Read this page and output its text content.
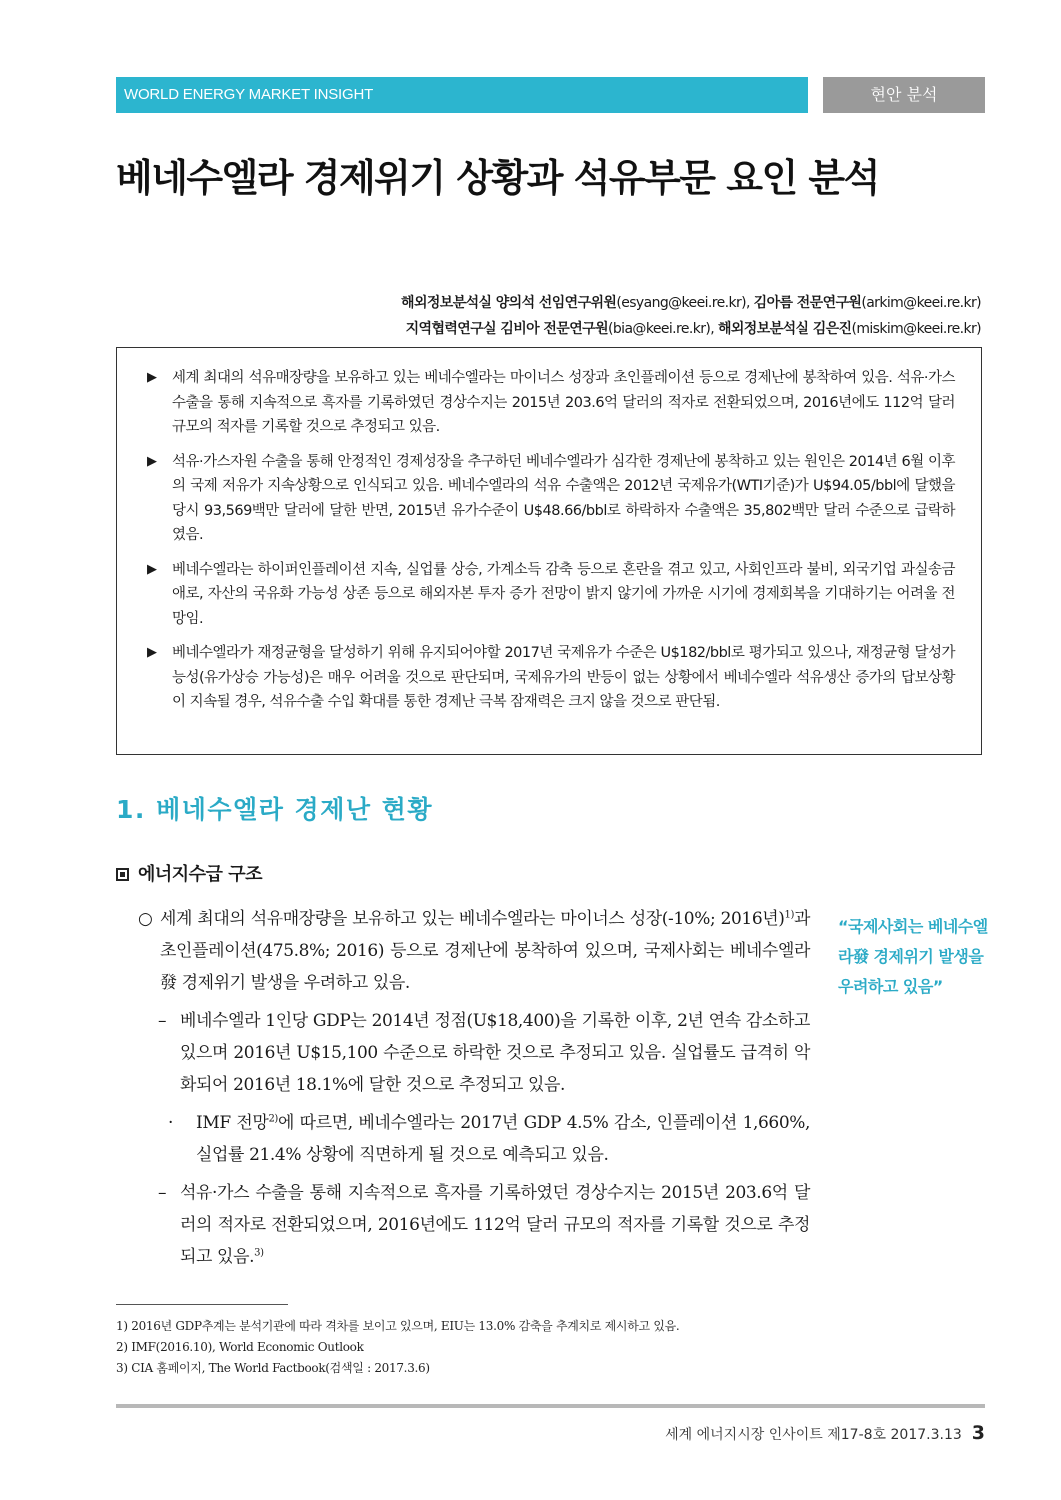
WORLD ENERGY MARKET INSIGHT	현안 분석
베네수엘라 경제위기 상황과 석유부문 요인 분석
해외정보분석실 양의석 선임연구위원(esyang@keei.re.kr), 김아름 전문연구원(arkim@keei.re.kr)
지역협력연구실 김비아 전문연구원(bia@keei.re.kr), 해외정보분석실 김은진(miskim@keei.re.kr)
▶ 세계 최대의 석유매장량을 보유하고 있는 베네수엘라는 마이너스 성장과 초인플레이션 등으로 경제난에 봉착하여 있음. 석유·가스 수출을 통해 지속적으로 흑자를 기록하였던 경상수지는 2015년 203.6억 달러의 적자로 전환되었으며, 2016년에도 112억 달러 규모의 적자를 기록할 것으로 추정되고 있음.
▶ 석유·가스자원 수출을 통해 안정적인 경제성장을 추구하던 베네수엘라가 심각한 경제난에 봉착하고 있는 원인은 2014년 6월 이후의 국제 저유가 지속상황으로 인식되고 있음. 베네수엘라의 석유 수출액은 2012년 국제유가(WTI기준)가 U$94.05/bbl에 달했을 당시 93,569백만 달러에 달한 반면, 2015년 유가수준이 U$48.66/bbl로 하락하자 수출액은 35,802백만 달러 수준으로 급락하였음.
▶ 베네수엘라는 하이퍼인플레이션 지속, 실업률 상승, 가계소득 감축 등으로 혼란을 겪고 있고, 사회인프라 불비, 외국기업 과실송금 애로, 자산의 국유화 가능성 상존 등으로 해외자본 투자 증가 전망이 밝지 않기에 가까운 시기에 경제회복을 기대하기는 어려울 전망임.
▶ 베네수엘라가 재정균형을 달성하기 위해 유지되어야할 2017년 국제유가 수준은 U$182/bbl로 평가되고 있으나, 재정균형 달성가능성(유가상승 가능성)은 매우 어려울 것으로 판단되며, 국제유가의 반등이 없는 상황에서 베네수엘라 석유생산 증가의 답보상황이 지속될 경우, 석유수출 수입 확대를 통한 경제난 극복 잠재력은 크지 않을 것으로 판단됨.
1. 베네수엘라 경제난 현황
에너지수급 구조
○ 세계 최대의 석유매장량을 보유하고 있는 베네수엘라는 마이너스 성장(-10%; 2016년)$^{1)}$과 초인플레이션(475.8%; 2016) 등으로 경제난에 봉착하여 있으며, 국제사회는 베네수엘라發 경제위기 발생을 우려하고 있음.
– 베네수엘라 1인당 GDP는 2014년 정점(U$18,400)을 기록한 이후, 2년 연속 감소하고 있으며 2016년 U$15,100 수준으로 하락한 것으로 추정되고 있음. 실업률도 급격히 악화되어 2016년 18.1%에 달한 것으로 추정되고 있음.
· IMF 전망$^{2)}$에 따르면, 베네수엘라는 2017년 GDP 4.5% 감소, 인플레이션 1,660%, 실업률 21.4% 상황에 직면하게 될 것으로 예측되고 있음.
– 석유·가스 수출을 통해 지속적으로 흑자를 기록하였던 경상수지는 2015년 203.6억 달러의 적자로 전환되었으며, 2016년에도 112억 달러 규모의 적자를 기록할 것으로 추정되고 있음.$^{3)}$
“국제사회는 베네수엘라發 경제위기 발생을 우려하고 있음”
1) 2016년 GDP추계는 분석기관에 따라 격차를 보이고 있으며, EIU는 13.0% 감축을 추계치로 제시하고 있음.
2) IMF(2016.10), World Economic Outlook
3) CIA 홈페이지, The World Factbook(검색일 : 2017.3.6)
세계 에너지시장 인사이트 제17-8호 2017.3.13 3
